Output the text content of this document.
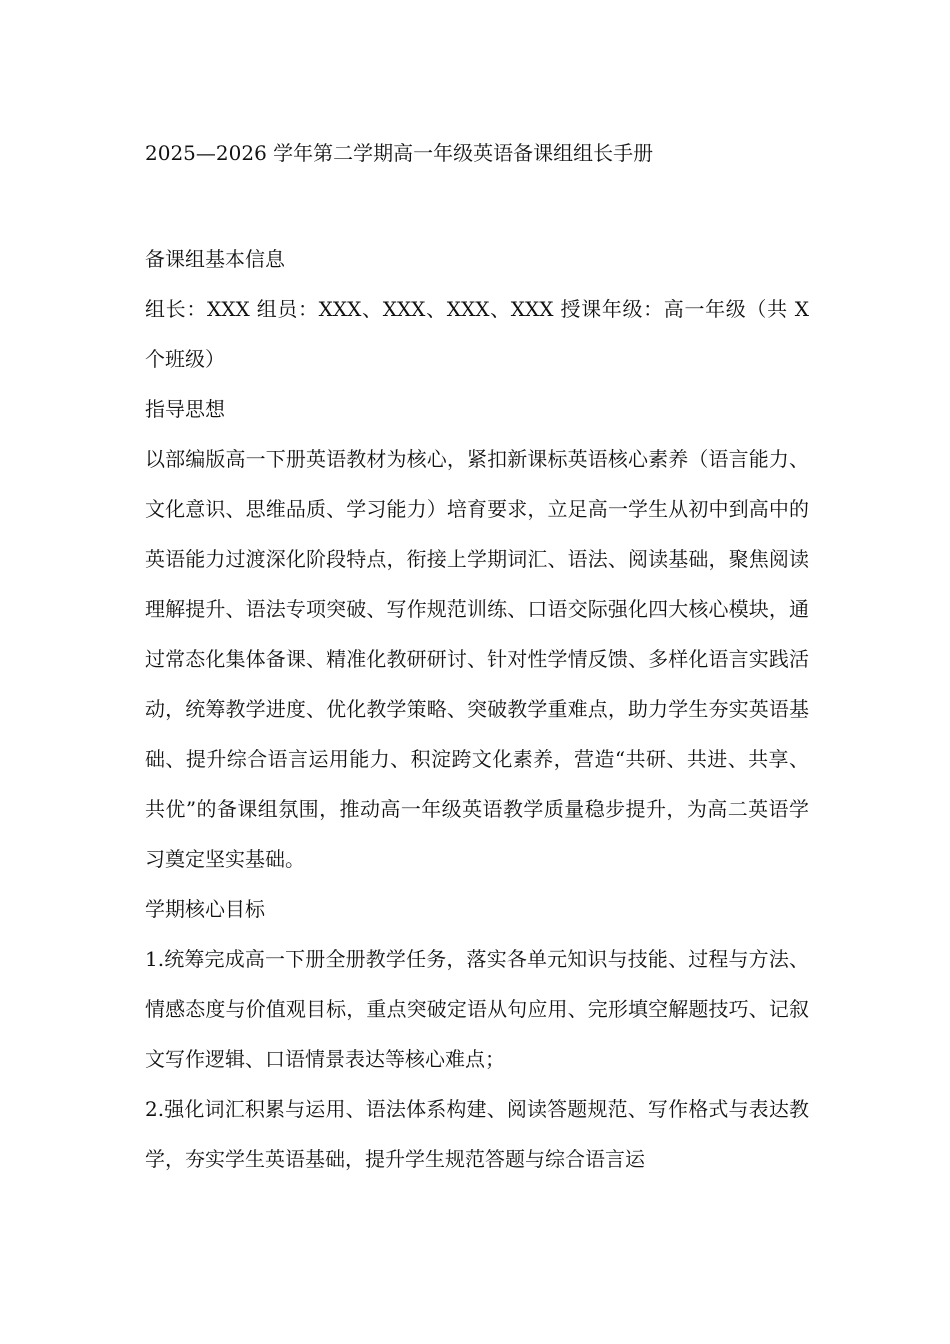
2025—2026 学年第二学期高一年级英语备课组组长手册
备课组基本信息

组长：XXX 组员：XXX、XXX、XXX、XXX 授课年级：高一年级（共 X 个班级）

指导思想

以部编版高一下册英语教材为核心，紧扣新课标英语核心素养（语言能力、文化意识、思维品质、学习能力）培育要求，立足高一学生从初中到高中的英语能力过渡深化阶段特点，衔接上学期词汇、语法、阅读基础，聚焦阅读理解提升、语法专项突破、写作规范训练、口语交际强化四大核心模块，通过常态化集体备课、精准化教研研讨、针对性学情反馈、多样化语言实践活动，统筹教学进度、优化教学策略、突破教学重难点，助力学生夯实英语基础、提升综合语言运用能力、积淀跨文化素养，营造“共研、共进、共享、共优”的备课组氛围，推动高一年级英语教学质量稳步提升，为高二英语学习奠定坚实基础。

学期核心目标

1.统筹完成高一下册全册教学任务，落实各单元知识与技能、过程与方法、情感态度与价值观目标，重点突破定语从句应用、完形填空解题技巧、记叙文写作逻辑、口语情景表达等核心难点；

2.强化词汇积累与运用、语法体系构建、阅读答题规范、写作格式与表达教学，夯实学生英语基础，提升学生规范答题与综合语言运
